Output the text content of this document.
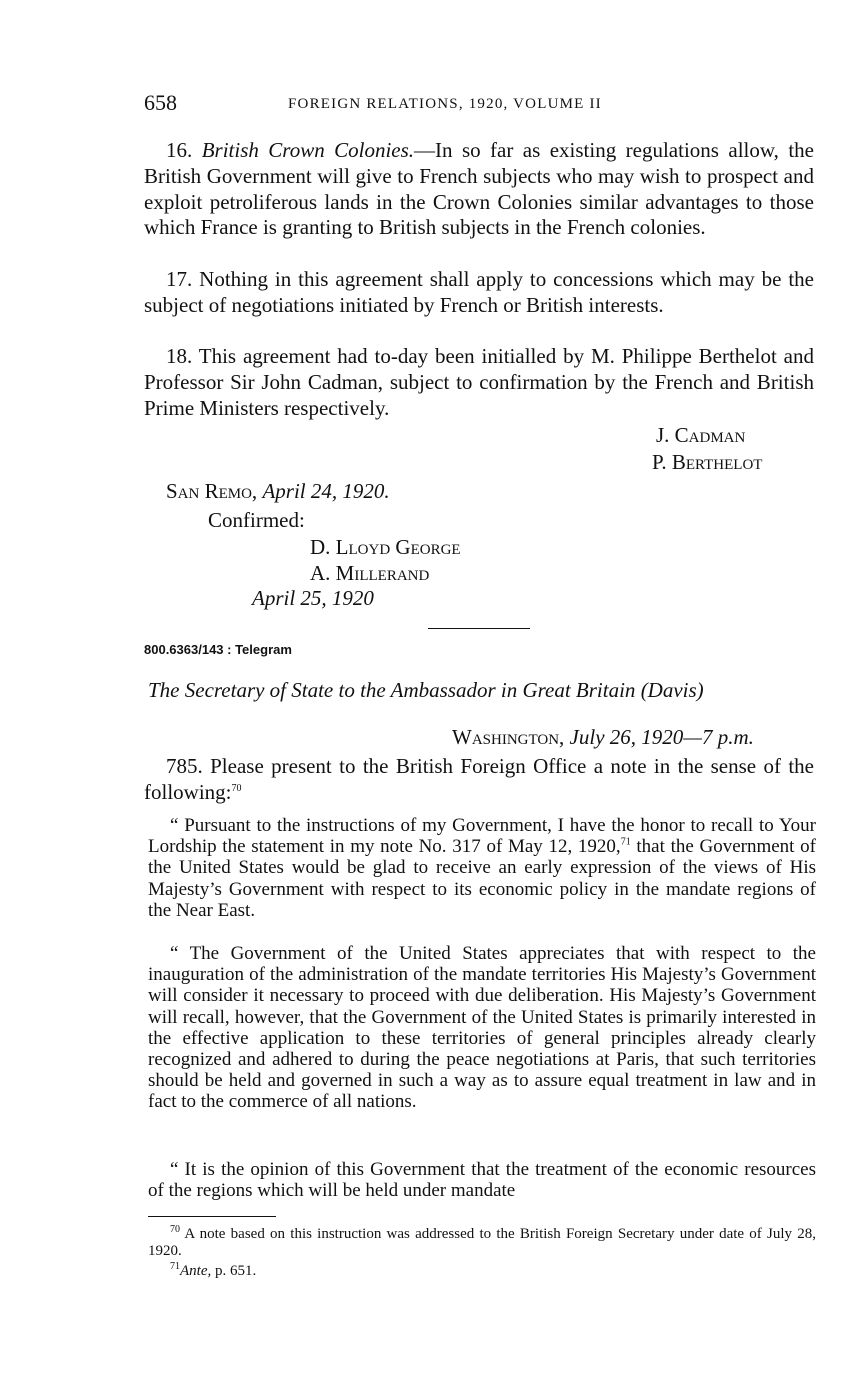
658	FOREIGN RELATIONS, 1920, VOLUME II

16. British Crown Colonies.—In so far as existing regulations allow, the British Government will give to French subjects who may wish to prospect and exploit petroliferous lands in the Crown Colonies similar advantages to those which France is granting to British subjects in the French colonies.

17. Nothing in this agreement shall apply to concessions which may be the subject of negotiations initiated by French or British interests.

18. This agreement had to-day been initialled by M. Philippe Berthelot and Professor Sir John Cadman, subject to confirmation by the French and British Prime Ministers respectively.

J. Cadman
P. Berthelot
San Remo, April 24, 1920.
Confirmed:
D. Lloyd George
A. Millerand
April 25, 1920
800.6363/143 : Telegram
The Secretary of State to the Ambassador in Great Britain (Davis)
Washington, July 26, 1920—7 p.m.

785. Please present to the British Foreign Office a note in the sense of the following:$^{70}$

“ Pursuant to the instructions of my Government, I have the honor to recall to Your Lordship the statement in my note No. 317 of May 12, 1920,71 that the Government of the United States would be glad to receive an early expression of the views of His Majesty’s Government with respect to its economic policy in the mandate regions of the Near East.

“ The Government of the United States appreciates that with respect to the inauguration of the administration of the mandate territories His Majesty’s Government will consider it necessary to proceed with due deliberation. His Majesty’s Government will recall, however, that the Government of the United States is primarily interested in the effective application to these territories of general principles already clearly recognized and adhered to during the peace negotiations at Paris, that such territories should be held and governed in such a way as to assure equal treatment in law and in fact to the commerce of all nations.

“ It is the opinion of this Government that the treatment of the economic resources of the regions which will be held under mandate

$^{70}$ A note based on this instruction was addressed to the British Foreign Secretary under date of July 28, 1920.

$^{71}$Ante, p. 651.
